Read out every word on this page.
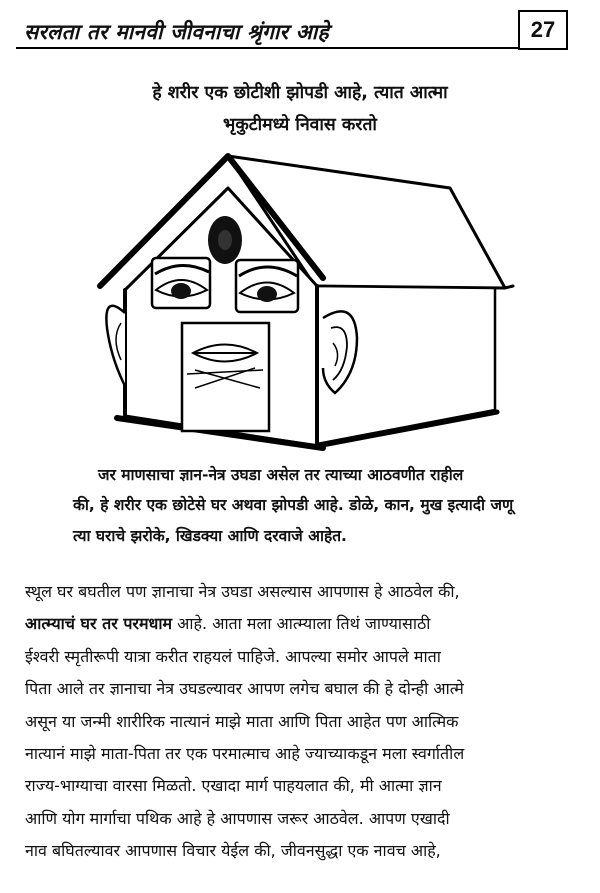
सरलता तर मानवी जीवनाचा श्रृंगार आहे	27
हे शरीर एक छोटीशी झोपडी आहे, त्यात आत्मा
भृकुटीमध्ये निवास करतो
जर माणसाचा ज्ञान-नेत्र उघडा असेल तर त्याच्या आठवणीत राहील
की, हे शरीर एक छोटेसे घर अथवा झोपडी आहे. डोळे, कान, मुख इत्यादी जणू
त्या घराचे झरोके, खिडक्या आणि दरवाजे आहेत.
स्थूल घर बघतील पण ज्ञानाचा नेत्र उघडा असल्यास आपणास हे आठवेल की,
आत्म्याचं घर तर परमधाम आहे. आता मला आत्म्याला तिथं जाण्यासाठी
ईश्वरी स्मृतीरूपी यात्रा करीत राहयलं पाहिजे. आपल्या समोर आपले माता
पिता आले तर ज्ञानाचा नेत्र उघडल्यावर आपण लगेच बघाल की हे दोन्ही आत्मे
असून या जन्मी शारीरिक नात्यानं माझे माता आणि पिता आहेत पण आत्मिक
नात्यानं माझे माता-पिता तर एक परमात्माच आहे ज्याच्याकडून मला स्वर्गातील
राज्य-भाग्याचा वारसा मिळतो. एखादा मार्ग पाहयलात की, मी आत्मा ज्ञान
आणि योग मार्गाचा पथिक आहे हे आपणास जरूर आठवेल. आपण एखादी
नाव बघितल्यावर आपणास विचार येईल की, जीवनसुद्धा एक नावच आहे,
